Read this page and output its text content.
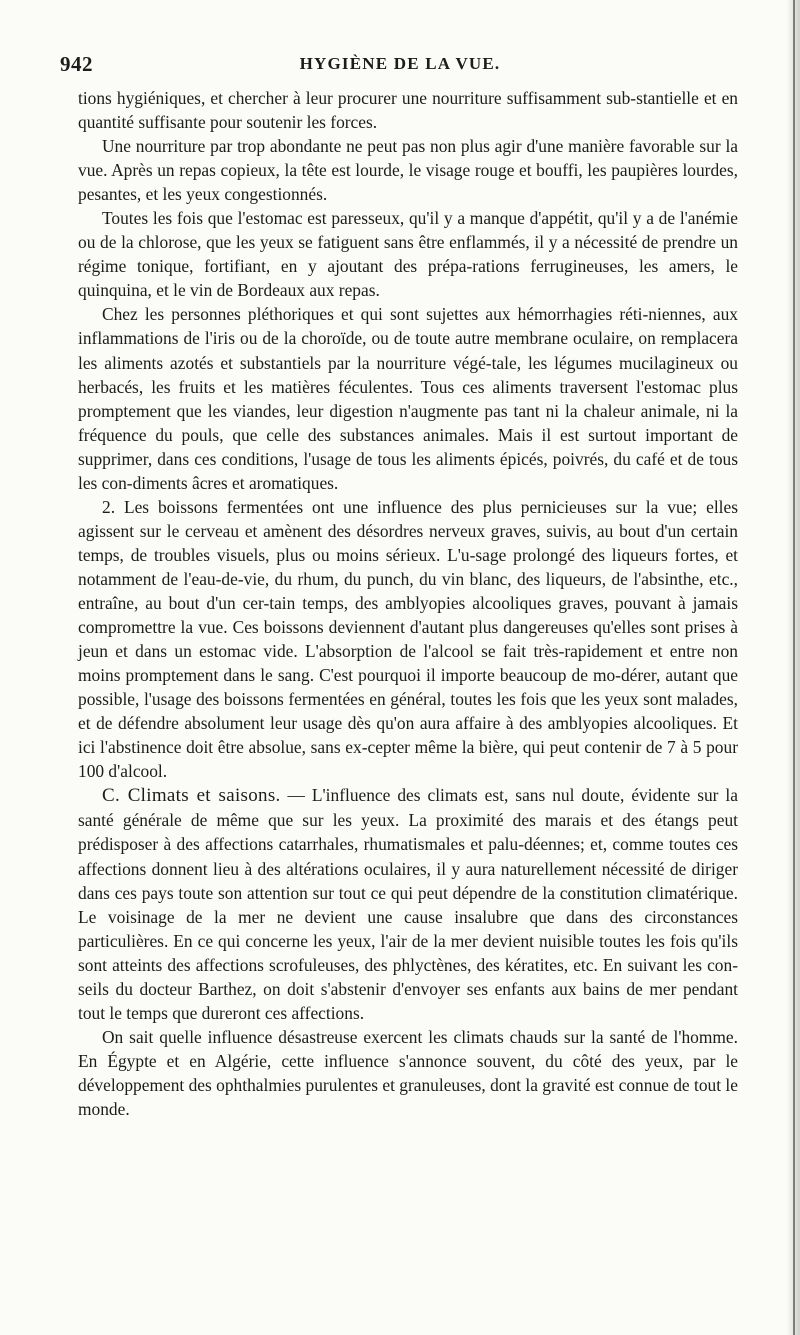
942	HYGIÈNE DE LA VUE.

tions hygiéniques, et chercher à leur procurer une nourriture suffisamment sub-stantielle et en quantité suffisante pour soutenir les forces.

Une nourriture par trop abondante ne peut pas non plus agir d'une manière favorable sur la vue. Après un repas copieux, la tête est lourde, le visage rouge et bouffi, les paupières lourdes, pesantes, et les yeux congestionnés.

Toutes les fois que l'estomac est paresseux, qu'il y a manque d'appétit, qu'il y a de l'anémie ou de la chlorose, que les yeux se fatiguent sans être enflammés, il y a nécessité de prendre un régime tonique, fortifiant, en y ajoutant des prépa-rations ferrugineuses, les amers, le quinquina, et le vin de Bordeaux aux repas.

Chez les personnes pléthoriques et qui sont sujettes aux hémorrhagies réti-niennes, aux inflammations de l'iris ou de la choroïde, ou de toute autre membrane oculaire, on remplacera les aliments azotés et substantiels par la nourriture végé-tale, les légumes mucilagineux ou herbacés, les fruits et les matières féculentes. Tous ces aliments traversent l'estomac plus promptement que les viandes, leur digestion n'augmente pas tant ni la chaleur animale, ni la fréquence du pouls, que celle des substances animales. Mais il est surtout important de supprimer, dans ces conditions, l'usage de tous les aliments épicés, poivrés, du café et de tous les con-diments âcres et aromatiques.

2. Les boissons fermentées ont une influence des plus pernicieuses sur la vue; elles agissent sur le cerveau et amènent des désordres nerveux graves, suivis, au bout d'un certain temps, de troubles visuels, plus ou moins sérieux. L'u-sage prolongé des liqueurs fortes, et notamment de l'eau-de-vie, du rhum, du punch, du vin blanc, des liqueurs, de l'absinthe, etc., entraîne, au bout d'un cer-tain temps, des amblyopies alcooliques graves, pouvant à jamais compromettre la vue. Ces boissons deviennent d'autant plus dangereuses qu'elles sont prises à jeun et dans un estomac vide. L'absorption de l'alcool se fait très-rapidement et entre non moins promptement dans le sang. C'est pourquoi il importe beaucoup de mo-dérer, autant que possible, l'usage des boissons fermentées en général, toutes les fois que les yeux sont malades, et de défendre absolument leur usage dès qu'on aura affaire à des amblyopies alcooliques. Et ici l'abstinence doit être absolue, sans ex-cepter même la bière, qui peut contenir de 7 à 5 pour 100 d'alcool.

C. Climats et saisons. — L'influence des climats est, sans nul doute, évidente sur la santé générale de même que sur les yeux. La proximité des marais et des étangs peut prédisposer à des affections catarrhales, rhumatismales et palu-déennes; et, comme toutes ces affections donnent lieu à des altérations oculaires, il y aura naturellement nécessité de diriger dans ces pays toute son attention sur tout ce qui peut dépendre de la constitution climatérique. Le voisinage de la mer ne devient une cause insalubre que dans des circonstances particulières. En ce qui concerne les yeux, l'air de la mer devient nuisible toutes les fois qu'ils sont atteints des affections scrofuleuses, des phlyctènes, des kératites, etc. En suivant les con-seils du docteur Barthez, on doit s'abstenir d'envoyer ses enfants aux bains de mer pendant tout le temps que dureront ces affections.

On sait quelle influence désastreuse exercent les climats chauds sur la santé de l'homme. En Égypte et en Algérie, cette influence s'annonce souvent, du côté des yeux, par le développement des ophthalmies purulentes et granuleuses, dont la gravité est connue de tout le monde.
